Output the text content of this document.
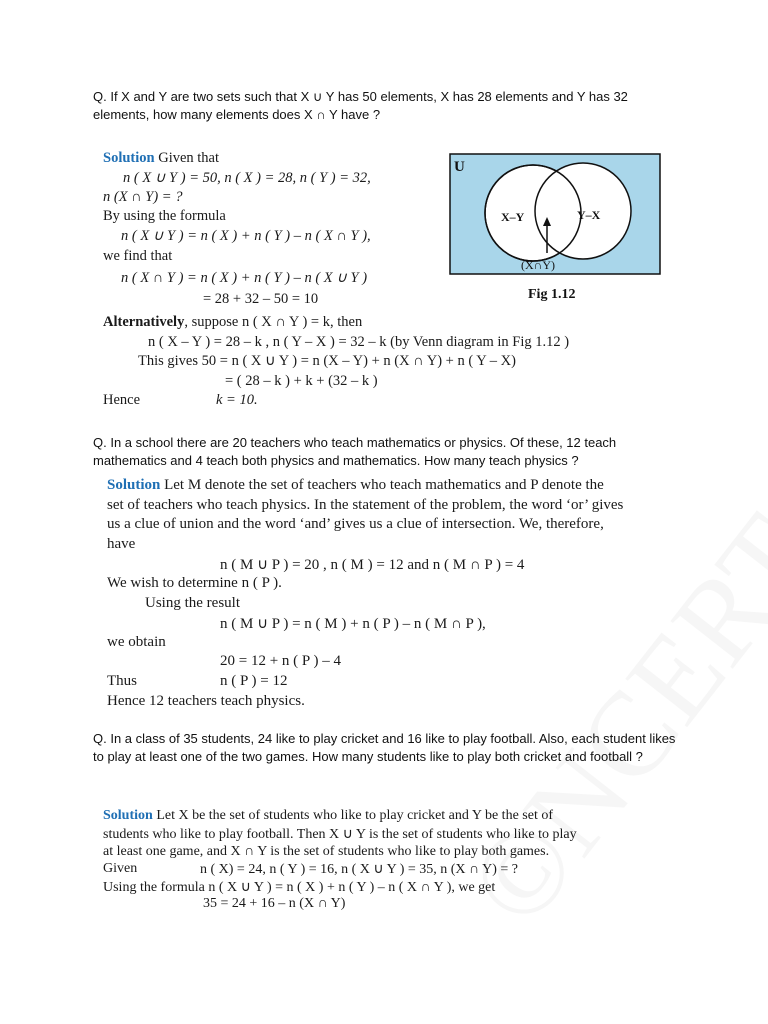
Q. If X and Y are two sets such that X ∪ Y has 50 elements, X has 28 elements and Y has 32 elements, how many elements does X ∩ Y have ?
Solution Given that
n ( X ∪ Y ) = 50, n ( X ) = 28, n ( Y ) = 32,
n (X ∩ Y) = ?
By using the formula
n ( X ∪ Y ) = n ( X ) + n ( Y ) – n ( X ∩ Y ),
we find that
n ( X ∩ Y ) = n ( X ) + n ( Y ) – n ( X ∪ Y )
= 28 + 32 – 50 = 10
Alternatively, suppose n ( X ∩ Y ) = k, then
n ( X – Y ) = 28 – k , n ( Y – X ) = 32 – k (by Venn diagram in Fig 1.12 )
This gives 50 = n ( X ∪ Y ) = n (X – Y) + n (X ∩ Y) + n ( Y – X)
= ( 28 – k ) + k + (32 – k )
Hence	k = 10.
U
X–Y	Y–X
(X∩Y)
Fig 1.12
Q. In a school there are 20 teachers who teach mathematics or physics. Of these, 12 teach mathematics and 4 teach both physics and mathematics. How many teach physics ?
Solution Let M denote the set of teachers who teach mathematics and P denote the
set of teachers who teach physics. In the statement of the problem, the word ‘or’ gives
us a clue of union and the word ‘and’ gives us a clue of intersection. We, therefore,
have
n ( M ∪ P ) = 20 , n ( M ) = 12 and n ( M ∩ P ) = 4
We wish to determine n ( P ).
Using the result
n ( M ∪ P ) = n ( M ) + n ( P ) – n ( M ∩ P ),
we obtain
20 = 12 + n ( P ) – 4
Thus	n ( P ) = 12
Hence 12 teachers teach physics.
Q. In a class of 35 students, 24 like to play cricket and 16 like to play football. Also, each student likes to play at least one of the two games. How many students like to play both cricket and football ?
Solution Let X be the set of students who like to play cricket and Y be the set of
students who like to play football. Then X ∪ Y is the set of students who like to play
at least one game, and X ∩ Y is the set of students who like to play both games.
Given	n ( X) = 24, n ( Y ) = 16, n ( X ∪ Y ) = 35, n (X ∩ Y) = ?
Using the formula n ( X ∪ Y ) = n ( X ) + n ( Y ) – n ( X ∩ Y ), we get
35 = 24 + 16 – n (X ∩ Y)
